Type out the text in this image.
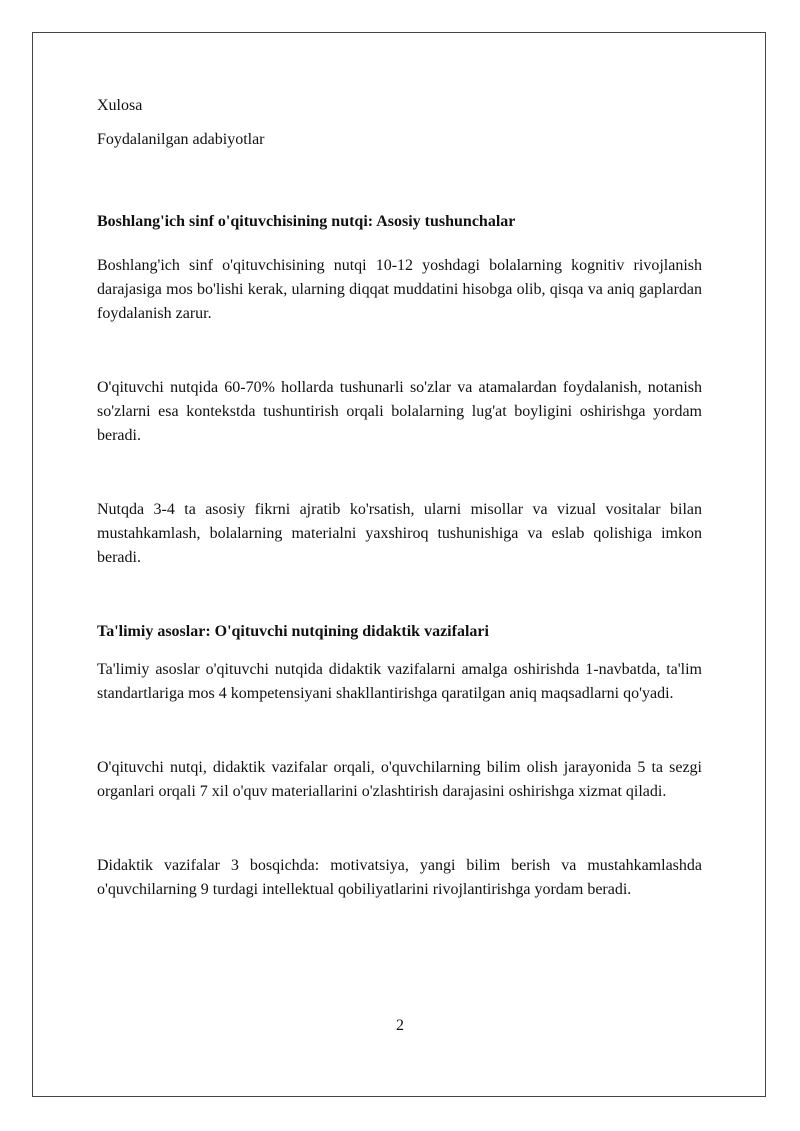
Xulosa

Foydalanilgan adabiyotlar

Boshlang'ich sinf o'qituvchisining nutqi: Asosiy tushunchalar

Boshlang'ich sinf o'qituvchisining nutqi 10-12 yoshdagi bolalarning kognitiv rivojlanish darajasiga mos bo'lishi kerak, ularning diqqat muddatini hisobga olib, qisqa va aniq gaplardan foydalanish zarur.

O'qituvchi nutqida 60-70% hollarda tushunarli so'zlar va atamalardan foydalanish, notanish so'zlarni esa kontekstda tushuntirish orqali bolalarning lug'at boyligini oshirishga yordam beradi.

Nutqda 3-4 ta asosiy fikrni ajratib ko'rsatish, ularni misollar va vizual vositalar bilan mustahkamlash, bolalarning materialni yaxshiroq tushunishiga va eslab qolishiga imkon beradi.

Ta'limiy asoslar: O'qituvchi nutqining didaktik vazifalari

Ta'limiy asoslar o'qituvchi nutqida didaktik vazifalarni amalga oshirishda 1-navbatda, ta'lim standartlariga mos 4 kompetensiyani shakllantirishga qaratilgan aniq maqsadlarni qo'yadi.

O'qituvchi nutqi, didaktik vazifalar orqali, o'quvchilarning bilim olish jarayonida 5 ta sezgi organlari orqali 7 xil o'quv materiallarini o'zlashtirish darajasini oshirishga xizmat qiladi.

Didaktik vazifalar 3 bosqichda: motivatsiya, yangi bilim berish va mustahkamlashda o'quvchilarning 9 turdagi intellektual qobiliyatlarini rivojlantirishga yordam beradi.

2
